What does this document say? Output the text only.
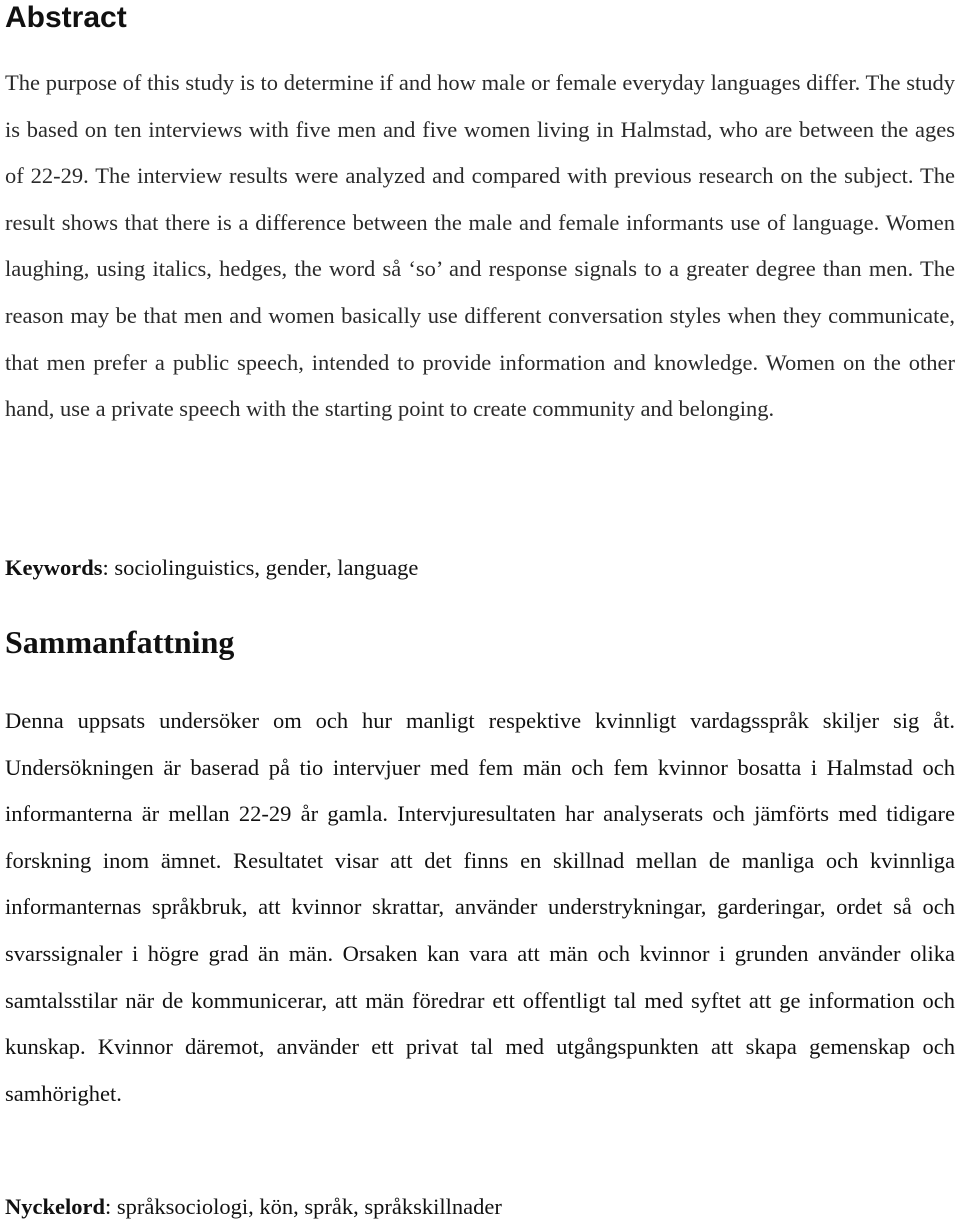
Abstract

The purpose of this study is to determine if and how male or female everyday languages differ. The study is based on ten interviews with five men and five women living in Halmstad, who are between the ages of 22-29. The interview results were analyzed and compared with previous research on the subject. The result shows that there is a difference between the male and female informants use of language. Women laughing, using italics, hedges, the word så ‘so’ and response signals to a greater degree than men. The reason may be that men and women basically use different conversation styles when they communicate, that men prefer a public speech, intended to provide information and knowledge. Women on the other hand, use a private speech with the starting point to create community and belonging.

Keywords: sociolinguistics, gender, language

Sammanfattning

Denna uppsats undersöker om och hur manligt respektive kvinnligt vardagsspråk skiljer sig åt. Undersökningen är baserad på tio intervjuer med fem män och fem kvinnor bosatta i Halmstad och informanterna är mellan 22-29 år gamla. Intervjuresultaten har analyserats och jämförts med tidigare forskning inom ämnet. Resultatet visar att det finns en skillnad mellan de manliga och kvinnliga informanternas språkbruk, att kvinnor skrattar, använder understrykningar, garderingar, ordet så och svarssignaler i högre grad än män. Orsaken kan vara att män och kvinnor i grunden använder olika samtalsstilar när de kommunicerar, att män föredrar ett offentligt tal med syftet att ge information och kunskap. Kvinnor däremot, använder ett privat tal med utgångspunkten att skapa gemenskap och samhörighet.

Nyckelord: språksociologi, kön, språk, språkskillnader
